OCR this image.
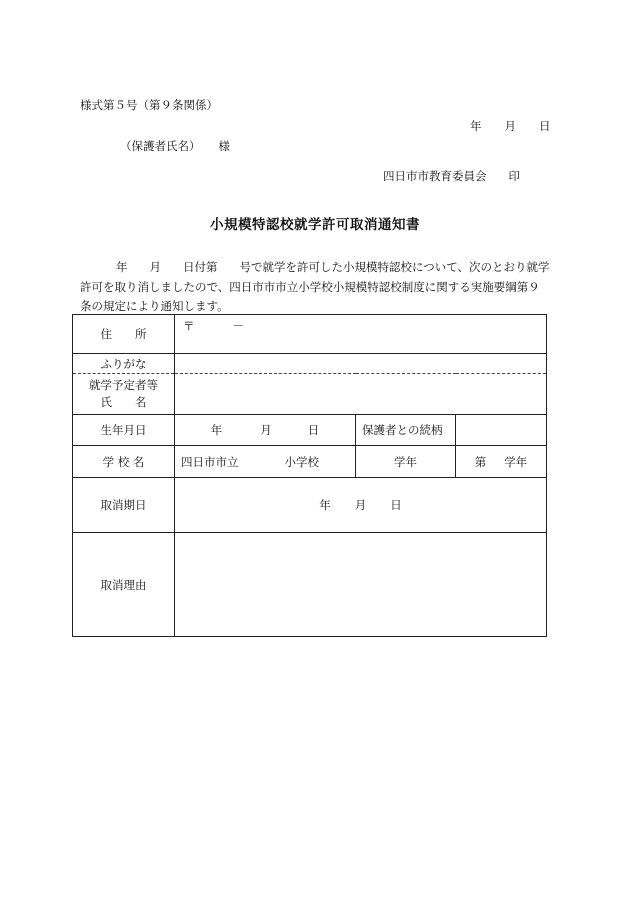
様式第５号（第９条関係）
年　　月　　日
（保護者氏名） 様
四日市市教育委員会 印
小規模特認校就学許可取消通知書
年 月 日付第 号で就学を許可した小規模特認校について、次のとおり就学許可を取り消しましたので、四日市市市立小学校小規模特認校制度に関する実施要綱第９条の規定により通知します。
住　　所	〒 －		
ふりがな			

就学予定者等
氏　　名			

生年月日	年 月 日	保護者との続柄	
学 校 名	四日市市立 小学校	学年	第 学年
取消期日	年 月 日		
取消理由			
